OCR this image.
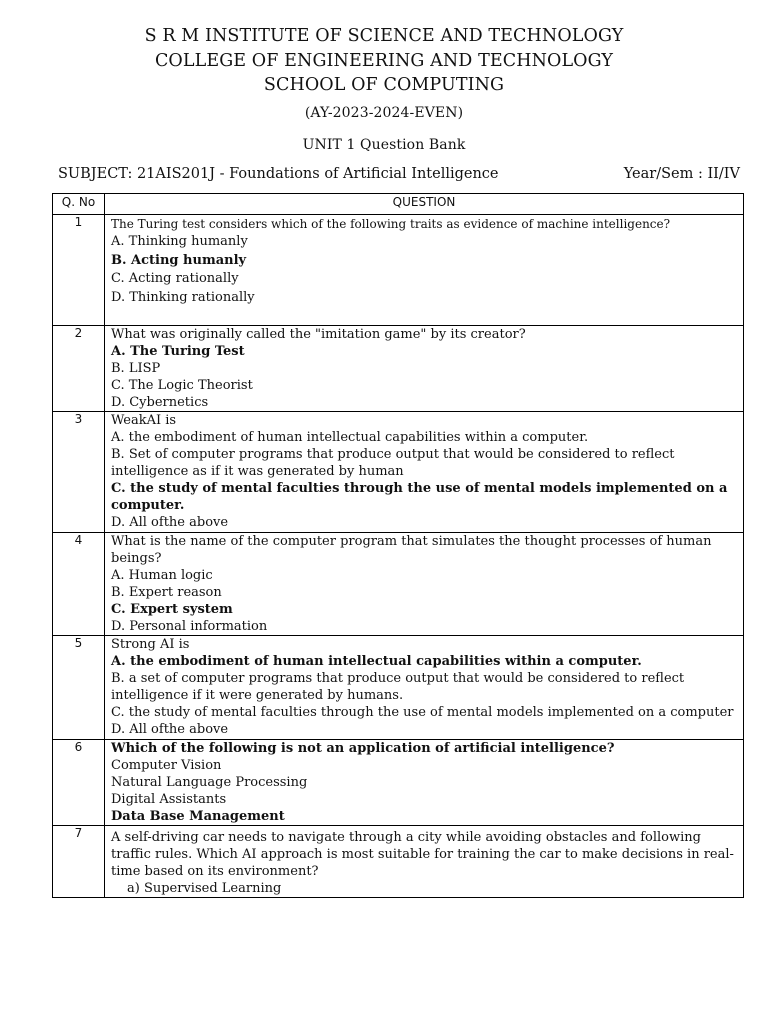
S R M INSTITUTE OF SCIENCE AND TECHNOLOGY
COLLEGE OF ENGINEERING AND TECHNOLOGY
SCHOOL OF COMPUTING
(AY-2023-2024-EVEN)
UNIT 1 Question Bank
SUBJECT: 21AIS201J - Foundations of Artificial Intelligence	Year/Sem : II/IV
Q. No	QUESTION
1	The Turing test considers which of the following traits as evidence of machine intelligence?
A. Thinking humanly
B. Acting humanly
C. Acting rationally
D. Thinking rationally

2	What was originally called the "imitation game" by its creator?
A. The Turing Test
B. LISP
C. The Logic Theorist
D. Cybernetics

3	WeakAI is
A. the embodiment of human intellectual capabilities within a computer.
B. Set of computer programs that produce output that would be considered to reflect intelligence as if it was generated by human
C. the study of mental faculties through the use of mental models implemented on a computer.
D. All ofthe above

4	What is the name of the computer program that simulates the thought processes of human beings?
A. Human logic
B. Expert reason
C. Expert system
D. Personal information

5	Strong AI is
A. the embodiment of human intellectual capabilities within a computer.
B. a set of computer programs that produce output that would be considered to reflect intelligence if it were generated by humans.
C. the study of mental faculties through the use of mental models implemented on a computer
D. All ofthe above

6	Which of the following is not an application of artificial intelligence?
Computer Vision
Natural Language Processing
Digital Assistants
Data Base Management

7	A self-driving car needs to navigate through a city while avoiding obstacles and following traffic rules. Which AI approach is most suitable for training the car to make decisions in real-time based on its environment?
a) Supervised Learning
